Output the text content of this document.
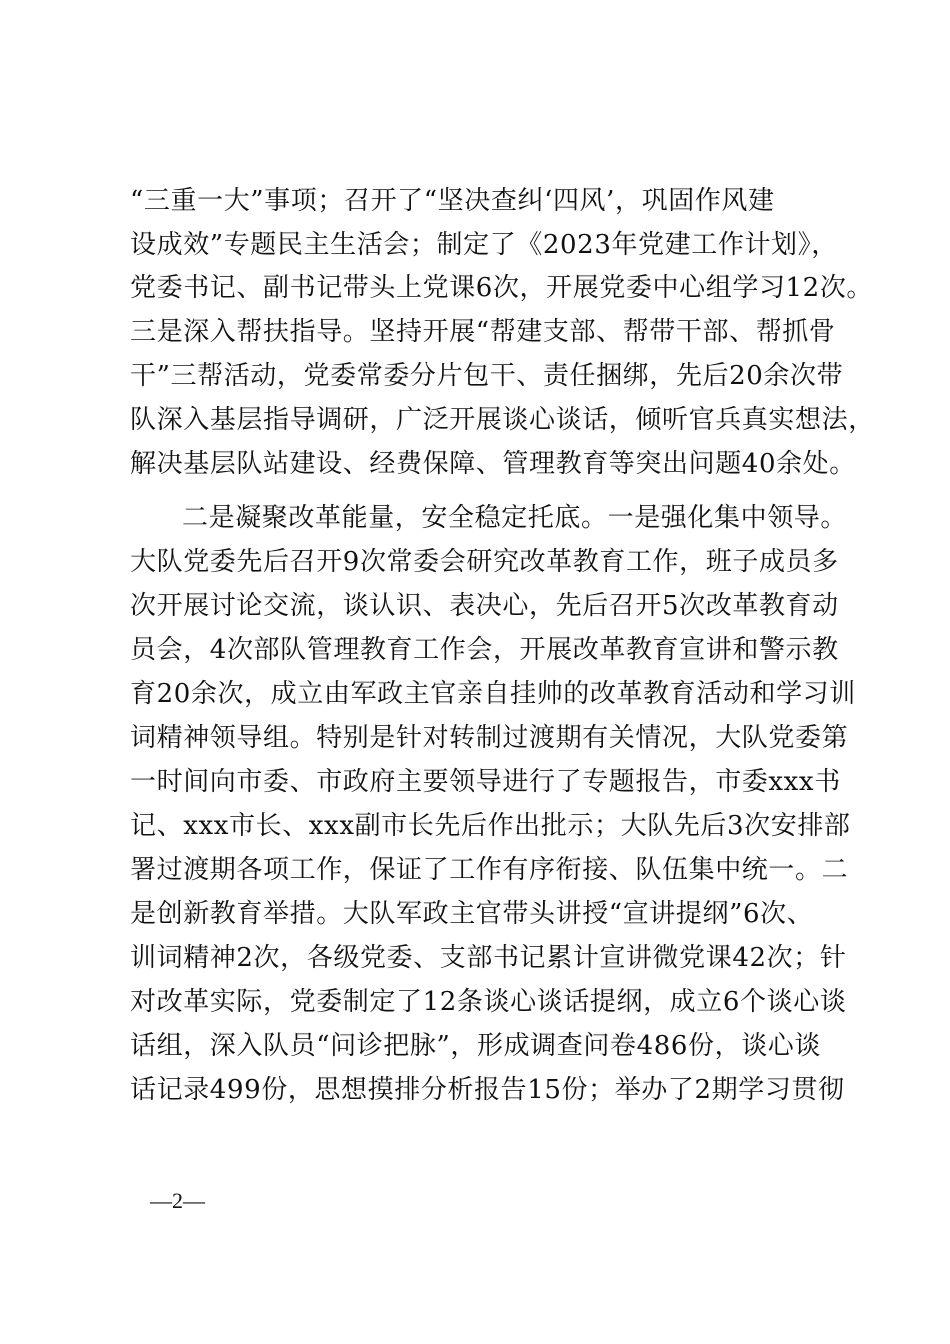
“三重一大”事项；召开了“坚决查纠‘四风’，巩固作风建
设成效”专题民主生活会；制定了《2023年党建工作计划》，
党委书记、副书记带头上党课6次，开展党委中心组学习12次。
三是深入帮扶指导。坚持开展“帮建支部、帮带干部、帮抓骨
干”三帮活动，党委常委分片包干、责任捆绑，先后20余次带
队深入基层指导调研，广泛开展谈心谈话，倾听官兵真实想法，
解决基层队站建设、经费保障、管理教育等突出问题40余处。
二是凝聚改革能量，安全稳定托底。一是强化集中领导。
大队党委先后召开9次常委会研究改革教育工作，班子成员多
次开展讨论交流，谈认识、表决心，先后召开5次改革教育动
员会，4次部队管理教育工作会，开展改革教育宣讲和警示教
育20余次，成立由军政主官亲自挂帅的改革教育活动和学习训
词精神领导组。特别是针对转制过渡期有关情况，大队党委第
一时间向市委、市政府主要领导进行了专题报告，市委xxx书
记、xxx市长、xxx副市长先后作出批示；大队先后3次安排部
署过渡期各项工作，保证了工作有序衔接、队伍集中统一。二
是创新教育举措。大队军政主官带头讲授“宣讲提纲”6次、
训词精神2次，各级党委、支部书记累计宣讲微党课42次；针
对改革实际，党委制定了12条谈心谈话提纲，成立6个谈心谈
话组，深入队员“问诊把脉”，形成调查问卷486份，谈心谈
话记录499份，思想摸排分析报告15份；举办了2期学习贯彻
—2—
